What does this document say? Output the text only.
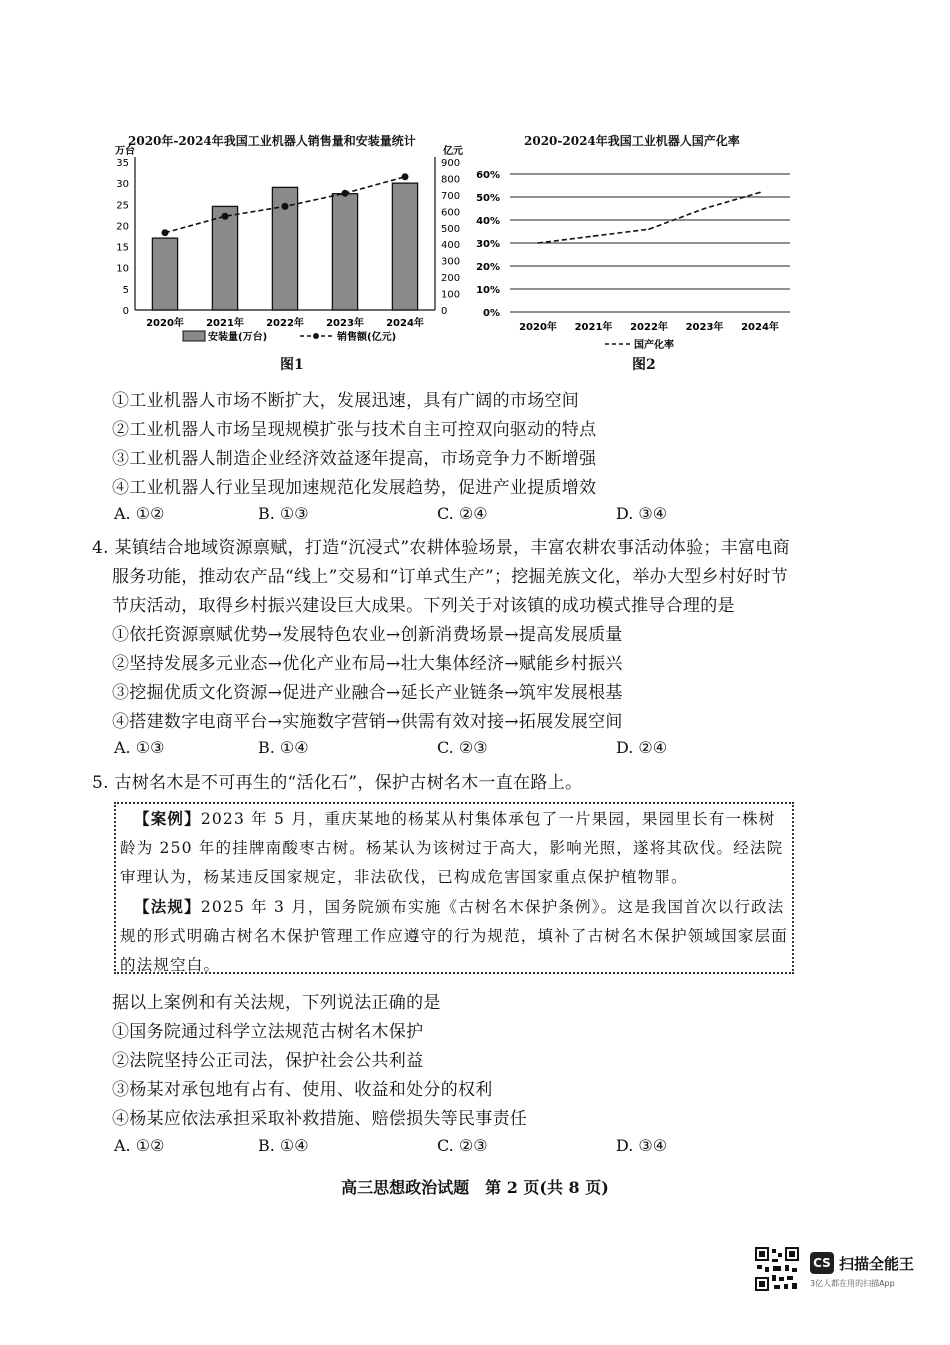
2020年-2024年我国工业机器人销售量和安装量统计
万台	亿元
0
5
10
15
20
25
30
35
0
100
200
300
400
500
600
700
800
900
2020年 2021年 2022年 2023年 2024年
安装量(万台)	销售额(亿元)
图1
2020-2024年我国工业机器人国产化率
0%
10%
20%
30%
40%
50%
60%
2020年 2021年 2022年 2023年 2024年
国产化率
图2
①工业机器人市场不断扩大，发展迅速，具有广阔的市场空间
②工业机器人市场呈现规模扩张与技术自主可控双向驱动的特点
③工业机器人制造企业经济效益逐年提高，市场竞争力不断增强
④工业机器人行业呈现加速规范化发展趋势，促进产业提质增效
A. ①②	B. ①③	C. ②④	D. ③④
4. 某镇结合地域资源禀赋，打造“沉浸式”农耕体验场景，丰富农耕农事活动体验；丰富电商
服务功能，推动农产品“线上”交易和“订单式生产”；挖掘羌族文化，举办大型乡村好时节
节庆活动，取得乡村振兴建设巨大成果。下列关于对该镇的成功模式推导合理的是
①依托资源禀赋优势→发展特色农业→创新消费场景→提高发展质量
②坚持发展多元业态→优化产业布局→壮大集体经济→赋能乡村振兴
③挖掘优质文化资源→促进产业融合→延长产业链条→筑牢发展根基
④搭建数字电商平台→实施数字营销→供需有效对接→拓展发展空间
A. ①③	B. ①④	C. ②③	D. ②④
5. 古树名木是不可再生的“活化石”，保护古树名木一直在路上。

【案例】2023 年 5 月，重庆某地的杨某从村集体承包了一片果园，果园里长有一株树龄为 250 年的挂牌南酸枣古树。杨某认为该树过于高大，影响光照，遂将其砍伐。经法院审理认为，杨某违反国家规定，非法砍伐，已构成危害国家重点保护植物罪。

【法规】2025 年 3 月，国务院颁布实施《古树名木保护条例》。这是我国首次以行政法规的形式明确古树名木保护管理工作应遵守的行为规范，填补了古树名木保护领域国家层面的法规空白。

据以上案例和有关法规，下列说法正确的是
①国务院通过科学立法规范古树名木保护
②法院坚持公正司法，保护社会公共利益
③杨某对承包地有占有、使用、收益和处分的权利
④杨某应依法承担采取补救措施、赔偿损失等民事责任
A. ①②	B. ①④	C. ②③	D. ③④
高三思想政治试题　第 2 页(共 8 页)
CS 扫描全能王
3亿人都在用的扫描App
